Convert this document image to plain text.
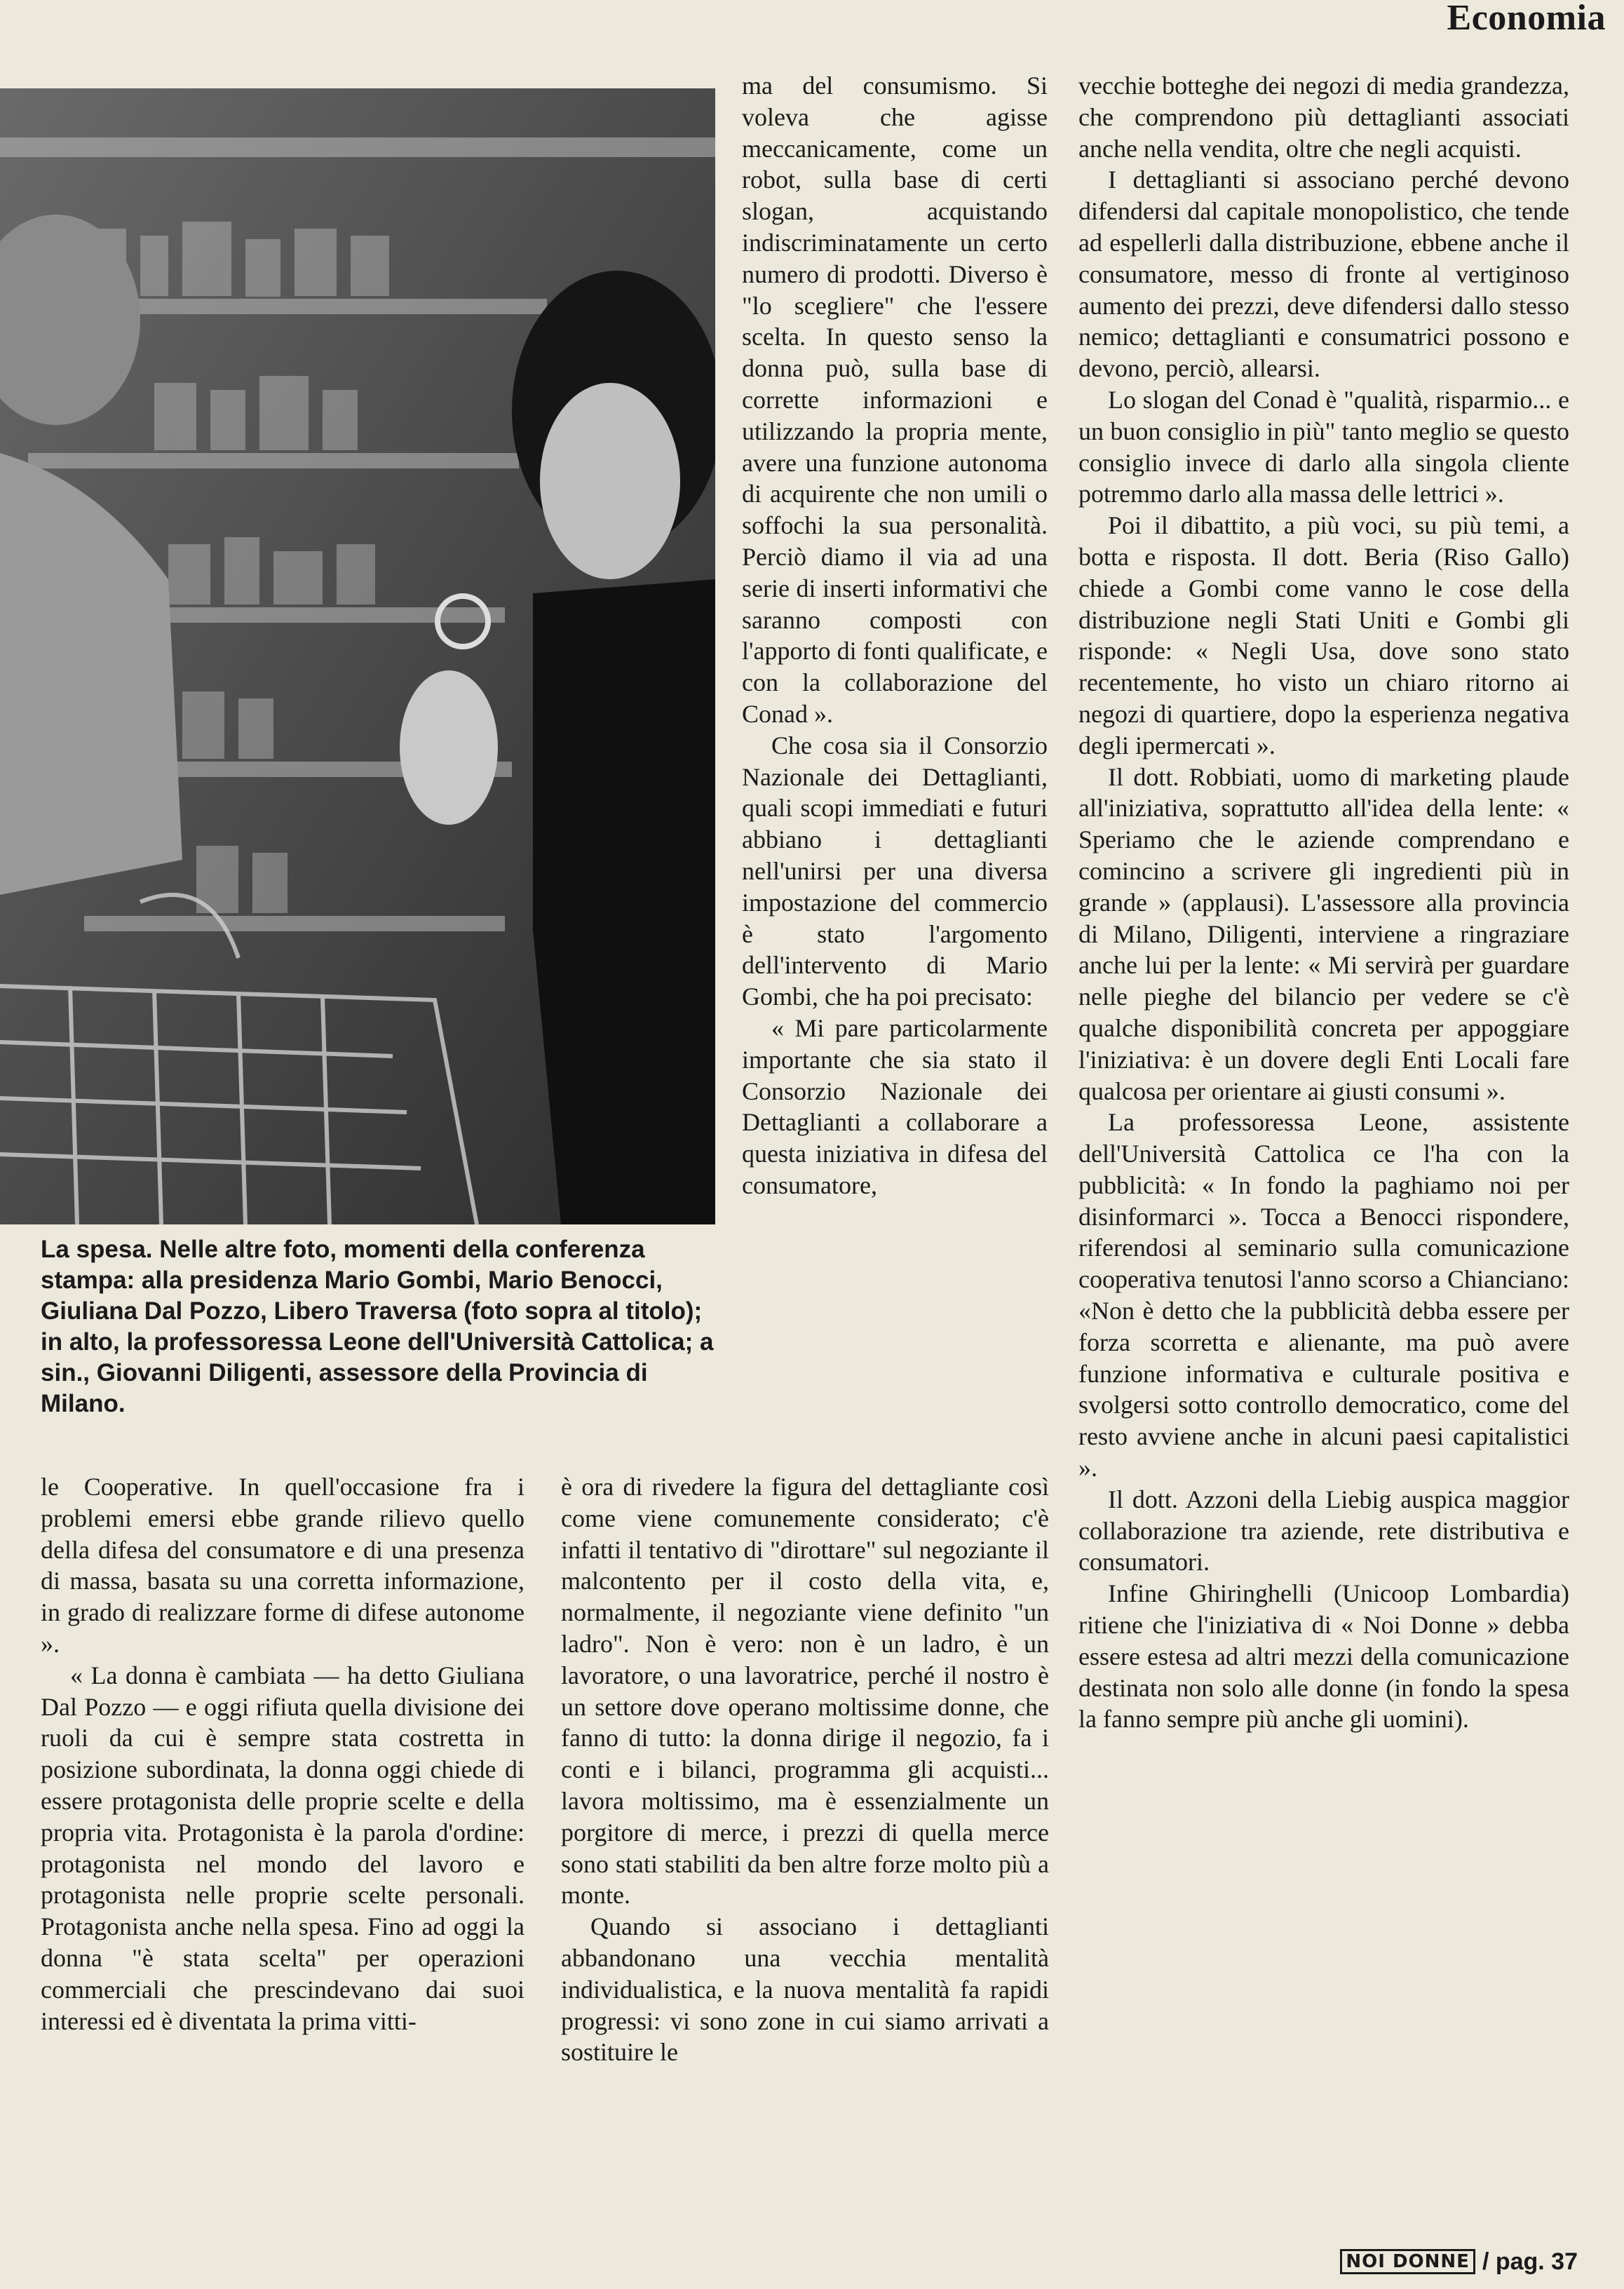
Economia

La spesa. Nelle altre foto, momenti della conferenza stampa: alla presidenza Mario Gombi, Mario Benocci, Giuliana Dal Pozzo, Libero Traversa (foto sopra al titolo); in alto, la professoressa Leone dell'Università Cattolica; a sin., Giovanni Diligenti, assessore della Provincia di Milano.

ma del consumismo. Si voleva che agisse meccanicamente, come un robot, sulla base di certi slogan, acquistando indiscriminatamente un certo numero di prodotti. Diverso è "lo scegliere" che l'essere scelta. In questo senso la donna può, sulla base di corrette informazioni e utilizzando la propria mente, avere una funzione autonoma di acquirente che non umili o soffochi la sua personalità. Perciò diamo il via ad una serie di inserti informativi che saranno composti con l'apporto di fonti qualificate, e con la collaborazione del Conad ».

Che cosa sia il Consorzio Nazionale dei Dettaglianti, quali scopi immediati e futuri abbiano i dettaglianti nell'unirsi per una diversa impostazione del commercio è stato l'argomento dell'intervento di Mario Gombi, che ha poi precisato:

« Mi pare particolarmente importante che sia stato il Consorzio Nazionale dei Dettaglianti a collaborare a questa iniziativa in difesa del consumatore,

vecchie botteghe dei negozi di media grandezza, che comprendono più dettaglianti associati anche nella vendita, oltre che negli acquisti.

I dettaglianti si associano perché devono difendersi dal capitale monopolistico, che tende ad espellerli dalla distribuzione, ebbene anche il consumatore, messo di fronte al vertiginoso aumento dei prezzi, deve difendersi dallo stesso nemico; dettaglianti e consumatrici possono e devono, perciò, allearsi.

Lo slogan del Conad è "qualità, risparmio... e un buon consiglio in più" tanto meglio se questo consiglio invece di darlo alla singola cliente potremmo darlo alla massa delle lettrici ».

Poi il dibattito, a più voci, su più temi, a botta e risposta. Il dott. Beria (Riso Gallo) chiede a Gombi come vanno le cose della distribuzione negli Stati Uniti e Gombi gli risponde: « Negli Usa, dove sono stato recentemente, ho visto un chiaro ritorno ai negozi di quartiere, dopo la esperienza negativa degli ipermercati ».

Il dott. Robbiati, uomo di marketing plaude all'iniziativa, soprattutto all'idea della lente: « Speriamo che le aziende comprendano e comincino a scrivere gli ingredienti più in grande » (applausi). L'assessore alla provincia di Milano, Diligenti, interviene a ringraziare anche lui per la lente: « Mi servirà per guardare nelle pieghe del bilancio per vedere se c'è qualche disponibilità concreta per appoggiare l'iniziativa: è un dovere degli Enti Locali fare qualcosa per orientare ai giusti consumi ».

La professoressa Leone, assistente dell'Università Cattolica ce l'ha con la pubblicità: « In fondo la paghiamo noi per disinformarci ». Tocca a Benocci rispondere, riferendosi al seminario sulla comunicazione cooperativa tenutosi l'anno scorso a Chianciano: «Non è detto che la pubblicità debba essere per forza scorretta e alienante, ma può avere funzione informativa e culturale positiva e svolgersi sotto controllo democratico, come del resto avviene anche in alcuni paesi capitalistici ».

Il dott. Azzoni della Liebig auspica maggior collaborazione tra aziende, rete distributiva e consumatori.

Infine Ghiringhelli (Unicoop Lombardia) ritiene che l'iniziativa di « Noi Donne » debba essere estesa ad altri mezzi della comunicazione destinata non solo alle donne (in fondo la spesa la fanno sempre più anche gli uomini).

le Cooperative. In quell'occasione fra i problemi emersi ebbe grande rilievo quello della difesa del consumatore e di una presenza di massa, basata su una corretta informazione, in grado di realizzare forme di difese autonome ».

« La donna è cambiata — ha detto Giuliana Dal Pozzo — e oggi rifiuta quella divisione dei ruoli da cui è sempre stata costretta in posizione subordinata, la donna oggi chiede di essere protagonista delle proprie scelte e della propria vita. Protagonista è la parola d'ordine: protagonista nel mondo del lavoro e protagonista nelle proprie scelte personali. Protagonista anche nella spesa. Fino ad oggi la donna "è stata scelta" per operazioni commerciali che prescindevano dai suoi interessi ed è diventata la prima vitti-

è ora di rivedere la figura del dettagliante così come viene comunemente considerato; c'è infatti il tentativo di "dirottare" sul negoziante il malcontento per il costo della vita, e, normalmente, il negoziante viene definito "un ladro". Non è vero: non è un ladro, è un lavoratore, o una lavoratrice, perché il nostro è un settore dove operano moltissime donne, che fanno di tutto: la donna dirige il negozio, fa i conti e i bilanci, programma gli acquisti... lavora moltissimo, ma è essenzialmente un porgitore di merce, i prezzi di quella merce sono stati stabiliti da ben altre forze molto più a monte.

Quando si associano i dettaglianti abbandonano una vecchia mentalità individualistica, e la nuova mentalità fa rapidi progressi: vi sono zone in cui siamo arrivati a sostituire le

NOI DONNE / pag. 37
